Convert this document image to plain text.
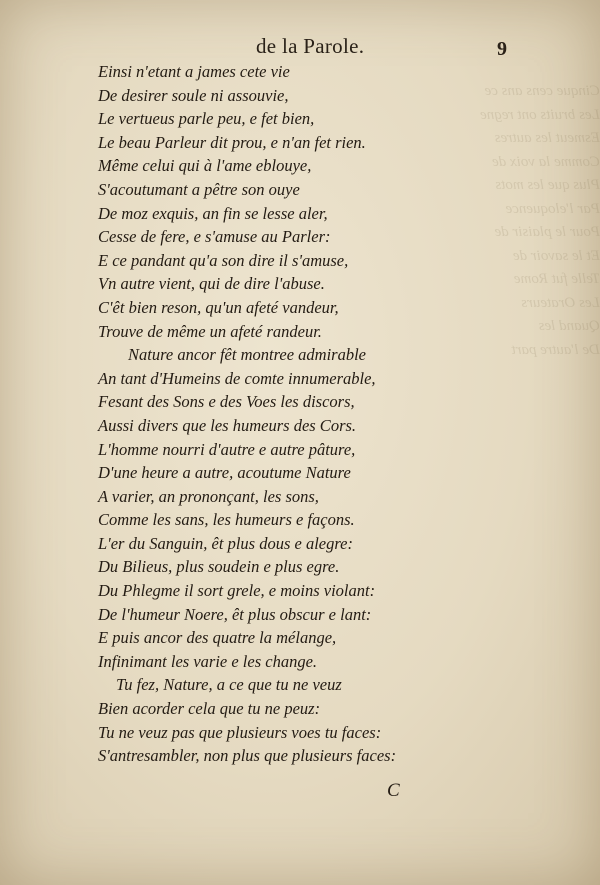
Cinque cens ans ce
Les bruits ont regne
Esmeut les autres
Comme la voix de
Plus que les mots
Par l'eloquence
Pour le plaisir de
Et le savoir de
Telle fut Rome
Les Orateurs
Quand les
De l'autre part
de la Parole.	9
Einsi n'etant a james cete vie
De desirer soule ni assouvie,
Le vertueus parle peu, e fet bien,
Le beau Parleur dit prou, e n'an fet rien.
Même celui qui à l'ame eblouye,
S'acoutumant a pêtre son ouye
De moz exquis, an fin se lesse aler,
Cesse de fere, e s'amuse au Parler:
E ce pandant qu'a son dire il s'amuse,
Vn autre vient, qui de dire l'abuse.
C'êt bien reson, qu'un afeté vandeur,
Trouve de même un afeté randeur.
Nature ancor fêt montree admirable
An tant d'Humeins de comte innumerable,
Fesant des Sons e des Voes les discors,
Aussi divers que les humeurs des Cors.
L'homme nourri d'autre e autre pâture,
D'une heure a autre, acoutume Nature
A varier, an prononçant, les sons,
Comme les sans, les humeurs e façons.
L'er du Sanguin, êt plus dous e alegre:
Du Bilieus, plus soudein e plus egre.
Du Phlegme il sort grele, e moins violant:
De l'humeur Noere, êt plus obscur e lant:
E puis ancor des quatre la mélange,
Infinimant les varie e les change.
Tu fez, Nature, a ce que tu ne veuz
Bien acorder cela que tu ne peuz:
Tu ne veuz pas que plusieurs voes tu faces:
S'antresambler, non plus que plusieurs faces:
C
